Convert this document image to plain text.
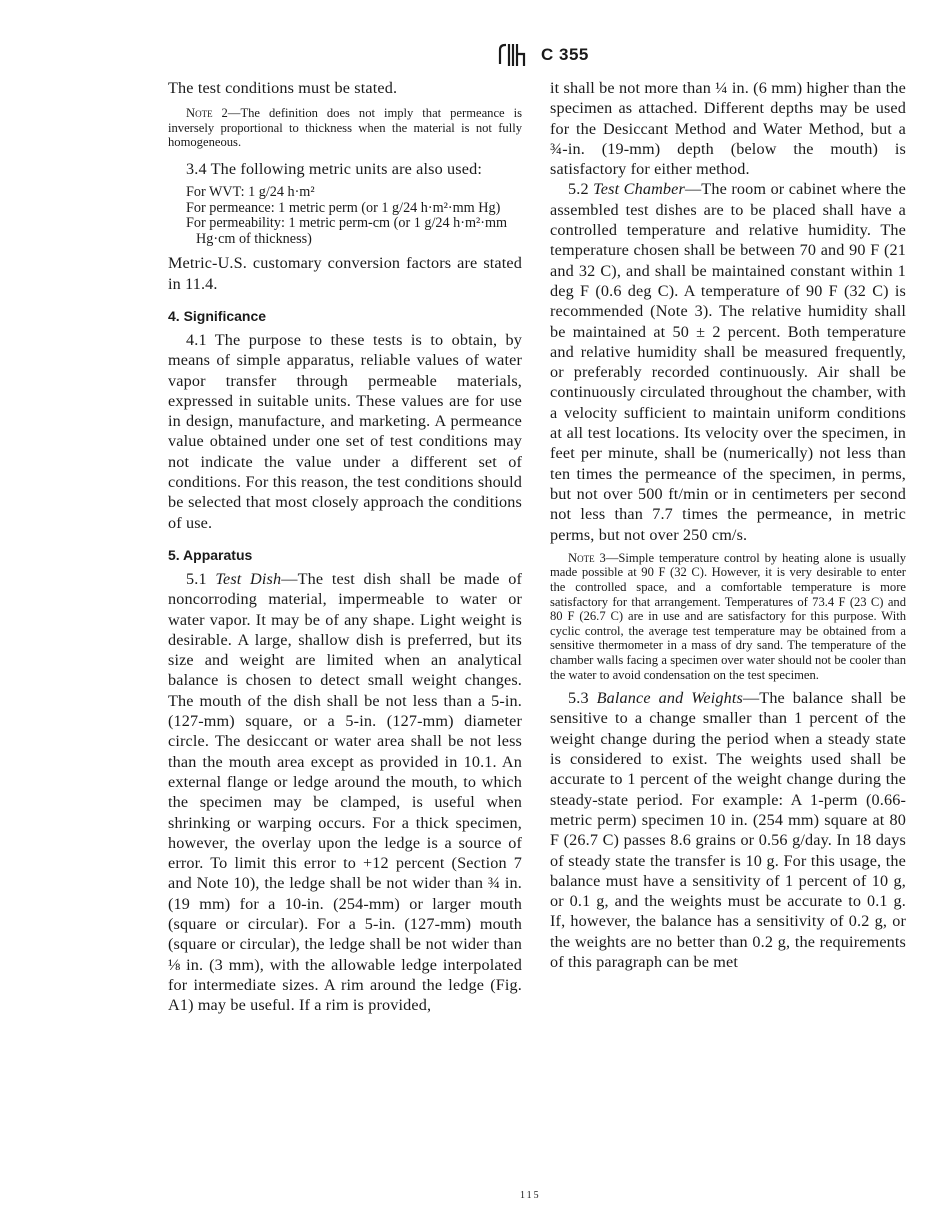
C 355

The test conditions must be stated.

Note 2—The definition does not imply that permeance is inversely proportional to thickness when the material is not fully homogeneous.

3.4 The following metric units are also used:

For WVT: 1 g/24 h·m²

For permeance: 1 metric perm (or 1 g/24 h·m²·mm Hg)

For permeability: 1 metric perm-cm (or 1 g/24 h·m²·mm Hg·cm of thickness)

Metric-U.S. customary conversion factors are stated in 11.4.

4. Significance

4.1 The purpose to these tests is to obtain, by means of simple apparatus, reliable values of water vapor transfer through permeable materials, expressed in suitable units. These values are for use in design, manufacture, and marketing. A permeance value obtained under one set of test conditions may not indicate the value under a different set of conditions. For this reason, the test conditions should be selected that most closely approach the conditions of use.

5. Apparatus

5.1 Test Dish—The test dish shall be made of noncorroding material, impermeable to water or water vapor. It may be of any shape. Light weight is desirable. A large, shallow dish is preferred, but its size and weight are limited when an analytical balance is chosen to detect small weight changes. The mouth of the dish shall be not less than a 5-in. (127-mm) square, or a 5-in. (127-mm) diameter circle. The desiccant or water area shall be not less than the mouth area except as provided in 10.1. An external flange or ledge around the mouth, to which the specimen may be clamped, is useful when shrinking or warping occurs. For a thick specimen, however, the overlay upon the ledge is a source of error. To limit this error to +12 percent (Section 7 and Note 10), the ledge shall be not wider than ¾ in. (19 mm) for a 10-in. (254-mm) or larger mouth (square or circular). For a 5-in. (127-mm) mouth (square or circular), the ledge shall be not wider than ⅛ in. (3 mm), with the allowable ledge interpolated for intermediate sizes. A rim around the ledge (Fig. A1) may be useful. If a rim is provided,

it shall be not more than ¼ in. (6 mm) higher than the specimen as attached. Different depths may be used for the Desiccant Method and Water Method, but a ¾-in. (19-mm) depth (below the mouth) is satisfactory for either method.

5.2 Test Chamber—The room or cabinet where the assembled test dishes are to be placed shall have a controlled temperature and relative humidity. The temperature chosen shall be between 70 and 90 F (21 and 32 C), and shall be maintained constant within 1 deg F (0.6 deg C). A temperature of 90 F (32 C) is recommended (Note 3). The relative humidity shall be maintained at 50 ± 2 percent. Both temperature and relative humidity shall be measured frequently, or preferably recorded continuously. Air shall be continuously circulated throughout the chamber, with a velocity sufficient to maintain uniform conditions at all test locations. Its velocity over the specimen, in feet per minute, shall be (numerically) not less than ten times the permeance of the specimen, in perms, but not over 500 ft/min or in centimeters per second not less than 7.7 times the permeance, in metric perms, but not over 250 cm/s.

Note 3—Simple temperature control by heating alone is usually made possible at 90 F (32 C). However, it is very desirable to enter the controlled space, and a comfortable temperature is more satisfactory for that arrangement. Temperatures of 73.4 F (23 C) and 80 F (26.7 C) are in use and are satisfactory for this purpose. With cyclic control, the average test temperature may be obtained from a sensitive thermometer in a mass of dry sand. The temperature of the chamber walls facing a specimen over water should not be cooler than the water to avoid condensation on the test specimen.

5.3 Balance and Weights—The balance shall be sensitive to a change smaller than 1 percent of the weight change during the period when a steady state is considered to exist. The weights used shall be accurate to 1 percent of the weight change during the steady-state period. For example: A 1-perm (0.66-metric perm) specimen 10 in. (254 mm) square at 80 F (26.7 C) passes 8.6 grains or 0.56 g/day. In 18 days of steady state the transfer is 10 g. For this usage, the balance must have a sensitivity of 1 percent of 10 g, or 0.1 g, and the weights must be accurate to 0.1 g. If, however, the balance has a sensitivity of 0.2 g, or the weights are no better than 0.2 g, the requirements of this paragraph can be met

115
